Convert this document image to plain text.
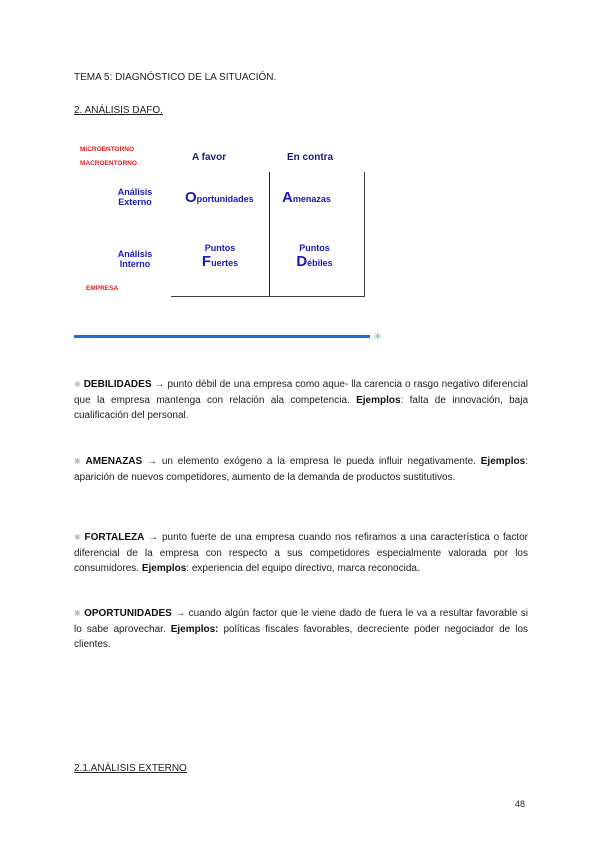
TEMA 5: DIAGNÓSTICO DE LA SITUACIÓN.
2. ANÁLISIS DAFO.
MICROENTORNO
MACROENTORNO
EMPRESA
A favor	En contra
Análisis
Externo
Análisis
Interno
Oportunidades Amenazas
Puntos
Fuertes
Puntos
Débiles
✳
❋ DEBILIDADES → punto débil de una empresa como aque- lla carencia o rasgo negativo diferencial que la empresa mantenga con relación ala competencia. Ejemplos: falta de innovación, baja cualificación del personal.
❋ AMENAZAS → un elemento exógeno a la empresa le pueda influir negativamente. Ejemplos: aparición de nuevos competidores, aumento de la demanda de productos sustitutivos.
❋ FORTALEZA → punto fuerte de una empresa cuando nos refiramos a una característica o factor diferencial de la empresa con respecto a sus competidores especialmente valorada por los consumidores. Ejemplos: experiencia del equipo directivo, marca reconocida.
❋ OPORTUNIDADES → cuando algún factor que le viene dado de fuera le va a resultar favorable si lo sabe aprovechar. Ejemplos: políticas fiscales favorables, decreciente poder negociador de los clientes.
2.1.ANÁLISIS EXTERNO
48
